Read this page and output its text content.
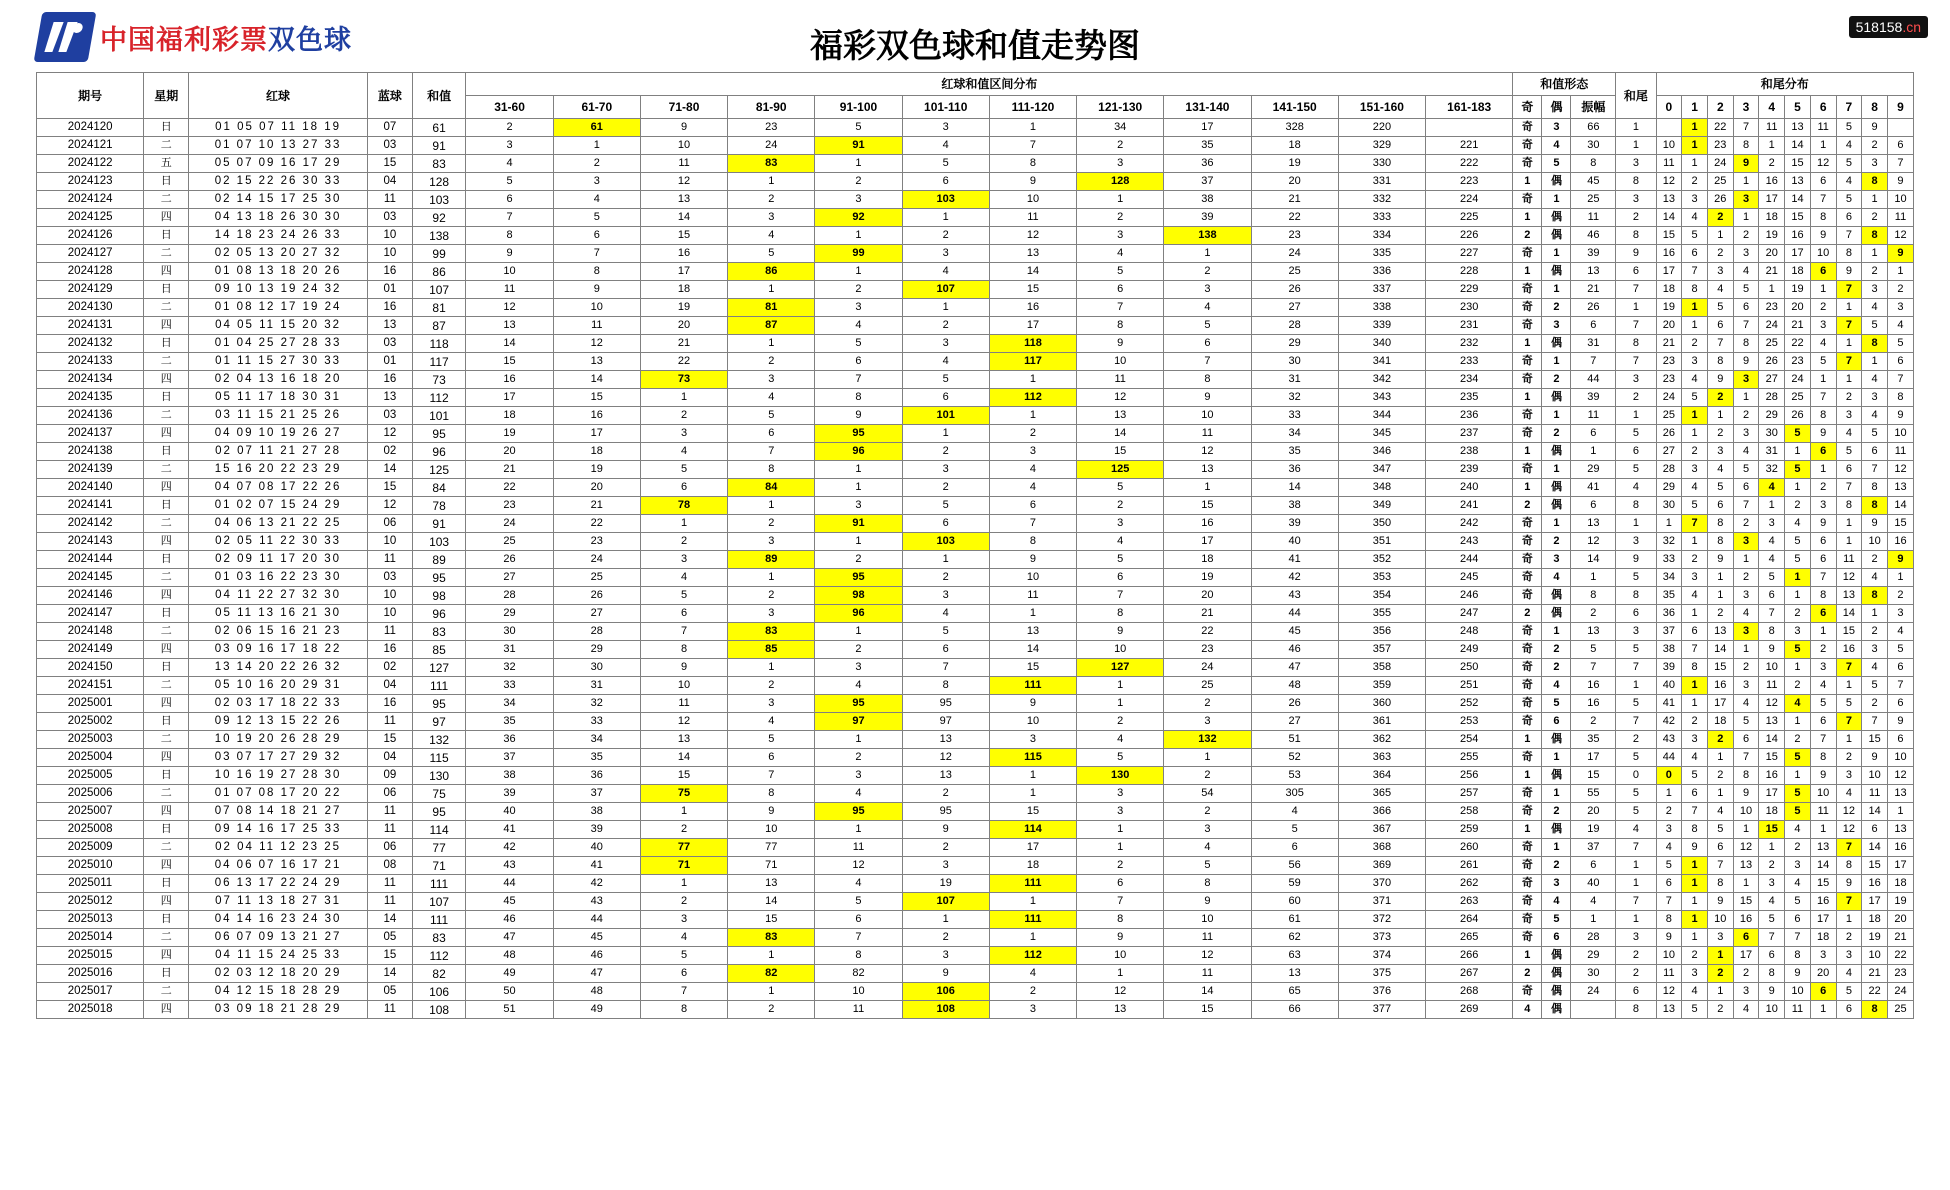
中国福利彩票双色球	福彩双色球和值走势图	518158.cn
期号	星期	红球	蓝球	和值	红球和值区间分布												和值形态			和尾	和尾分布									
					31-60	61-70	71-80	81-90	91-100	101-110	111-120	121-130	131-140	141-150	151-160	161-183	奇	偶	振幅		0	1	2	3	4	5	6	7	8	9
2024120	日	01 05 07 11 18 19	07	61	2	61	9	23	5	3	1	34	17	328	220		奇	3	66	1		1	22	7	11	13	11	5	9	
2024121	二	01 07 10 13 27 33	03	91	3	1	10	24	91	4	7	2	35	18	329	221	奇	4	30	1	10	1	23	8	1	14	1	4	2	6
2024122	五	05 07 09 16 17 29	15	83	4	2	11	83	1	5	8	3	36	19	330	222	奇	5	8	3	11	1	24	9	2	15	12	5	3	7
2024123	日	02 15 22 26 30 33	04	128	5	3	12	1	2	6	9	128	37	20	331	223	1	偶	45	8	12	2	25	1	16	13	6	4	8	9
2024124	二	02 14 15 17 25 30	11	103	6	4	13	2	3	103	10	1	38	21	332	224	奇	1	25	3	13	3	26	3	17	14	7	5	1	10
2024125	四	04 13 18 26 30 30	03	92	7	5	14	3	92	1	11	2	39	22	333	225	1	偶	11	2	14	4	2	1	18	15	8	6	2	11
2024126	日	14 18 23 24 26 33	10	138	8	6	15	4	1	2	12	3	138	23	334	226	2	偶	46	8	15	5	1	2	19	16	9	7	8	12
2024127	二	02 05 13 20 27 32	10	99	9	7	16	5	99	3	13	4	1	24	335	227	奇	1	39	9	16	6	2	3	20	17	10	8	1	9
2024128	四	01 08 13 18 20 26	16	86	10	8	17	86	1	4	14	5	2	25	336	228	1	偶	13	6	17	7	3	4	21	18	6	9	2	1
2024129	日	09 10 13 19 24 32	01	107	11	9	18	1	2	107	15	6	3	26	337	229	奇	1	21	7	18	8	4	5	1	19	1	7	3	2
2024130	二	01 08 12 17 19 24	16	81	12	10	19	81	3	1	16	7	4	27	338	230	奇	2	26	1	19	1	5	6	23	20	2	1	4	3
2024131	四	04 05 11 15 20 32	13	87	13	11	20	87	4	2	17	8	5	28	339	231	奇	3	6	7	20	1	6	7	24	21	3	7	5	4
2024132	日	01 04 25 27 28 33	03	118	14	12	21	1	5	3	118	9	6	29	340	232	1	偶	31	8	21	2	7	8	25	22	4	1	8	5
2024133	二	01 11 15 27 30 33	01	117	15	13	22	2	6	4	117	10	7	30	341	233	奇	1	7	7	23	3	8	9	26	23	5	7	1	6
2024134	四	02 04 13 16 18 20	16	73	16	14	73	3	7	5	1	11	8	31	342	234	奇	2	44	3	23	4	9	3	27	24	1	1	4	7
2024135	日	05 11 17 18 30 31	13	112	17	15	1	4	8	6	112	12	9	32	343	235	1	偶	39	2	24	5	2	1	28	25	7	2	3	8
2024136	二	03 11 15 21 25 26	03	101	18	16	2	5	9	101	1	13	10	33	344	236	奇	1	11	1	25	1	1	2	29	26	8	3	4	9
2024137	四	04 09 10 19 26 27	12	95	19	17	3	6	95	1	2	14	11	34	345	237	奇	2	6	5	26	1	2	3	30	5	9	4	5	10
2024138	日	02 07 11 21 27 28	02	96	20	18	4	7	96	2	3	15	12	35	346	238	1	偶	1	6	27	2	3	4	31	1	6	5	6	11
2024139	二	15 16 20 22 23 29	14	125	21	19	5	8	1	3	4	125	13	36	347	239	奇	1	29	5	28	3	4	5	32	5	1	6	7	12
2024140	四	04 07 08 17 22 26	15	84	22	20	6	84	1	2	4	5	1	14	348	240	1	偶	41	4	29	4	5	6	4	1	2	7	8	13
2024141	日	01 02 07 15 24 29	12	78	23	21	78	1	3	5	6	2	15	38	349	241	2	偶	6	8	30	5	6	7	1	2	3	8	8	14
2024142	二	04 06 13 21 22 25	06	91	24	22	1	2	91	6	7	3	16	39	350	242	奇	1	13	1	1	7	8	2	3	4	9	1	9	15
2024143	四	02 05 11 22 30 33	10	103	25	23	2	3	1	103	8	4	17	40	351	243	奇	2	12	3	32	1	8	3	4	5	6	1	10	16
2024144	日	02 09 11 17 20 30	11	89	26	24	3	89	2	1	9	5	18	41	352	244	奇	3	14	9	33	2	9	1	4	5	6	11	2	9
2024145	二	01 03 16 22 23 30	03	95	27	25	4	1	95	2	10	6	19	42	353	245	奇	4	1	5	34	3	1	2	5	1	7	12	4	1
2024146	四	04 11 22 27 32 30	10	98	28	26	5	2	98	3	11	7	20	43	354	246	奇	偶	8	8	35	4	1	3	6	1	8	13	8	2
2024147	日	05 11 13 16 21 30	10	96	29	27	6	3	96	4	1	8	21	44	355	247	2	偶	2	6	36	1	2	4	7	2	6	14	1	3
2024148	二	02 06 15 16 21 23	11	83	30	28	7	83	1	5	13	9	22	45	356	248	奇	1	13	3	37	6	13	3	8	3	1	15	2	4
2024149	四	03 09 16 17 18 22	16	85	31	29	8	85	2	6	14	10	23	46	357	249	奇	2	5	5	38	7	14	1	9	5	2	16	3	5
2024150	日	13 14 20 22 26 32	02	127	32	30	9	1	3	7	15	127	24	47	358	250	奇	2	7	7	39	8	15	2	10	1	3	7	4	6
2024151	二	05 10 16 20 29 31	04	111	33	31	10	2	4	8	111	1	25	48	359	251	奇	4	16	1	40	1	16	3	11	2	4	1	5	7
2025001	四	02 03 17 18 22 33	16	95	34	32	11	3	95	95	9	1	2	26	360	252	奇	5	16	5	41	1	17	4	12	4	5	5	2	6
2025002	日	09 12 13 15 22 26	11	97	35	33	12	4	97	97	10	2	3	27	361	253	奇	6	2	7	42	2	18	5	13	1	6	7	7	9
2025003	二	10 19 20 26 28 29	15	132	36	34	13	5	1	13	3	4	132	51	362	254	1	偶	35	2	43	3	2	6	14	2	7	1	15	6
2025004	四	03 07 17 27 29 32	04	115	37	35	14	6	2	12	115	5	1	52	363	255	奇	1	17	5	44	4	1	7	15	5	8	2	9	10
2025005	日	10 16 19 27 28 30	09	130	38	36	15	7	3	13	1	130	2	53	364	256	1	偶	15	0	0	5	2	8	16	1	9	3	10	12
2025006	二	01 07 08 17 20 22	06	75	39	37	75	8	4	2	1	3	54	305	365	257	奇	1	55	5	1	6	1	9	17	5	10	4	11	13
2025007	四	07 08 14 18 21 27	11	95	40	38	1	9	95	95	15	3	2	4	366	258	奇	2	20	5	2	7	4	10	18	5	11	12	14	1
2025008	日	09 14 16 17 25 33	11	114	41	39	2	10	1	9	114	1	3	5	367	259	1	偶	19	4	3	8	5	1	15	4	1	12	6	13
2025009	二	02 04 11 12 23 25	06	77	42	40	77	77	11	2	17	1	4	6	368	260	奇	1	37	7	4	9	6	12	1	2	13	7	14	16
2025010	四	04 06 07 16 17 21	08	71	43	41	71	71	12	3	18	2	5	56	369	261	奇	2	6	1	5	1	7	13	2	3	14	8	15	17
2025011	日	06 13 17 22 24 29	11	111	44	42	1	13	4	19	111	6	8	59	370	262	奇	3	40	1	6	1	8	1	3	4	15	9	16	18
2025012	四	07 11 13 18 27 31	11	107	45	43	2	14	5	107	1	7	9	60	371	263	奇	4	4	7	7	1	9	15	4	5	16	7	17	19
2025013	日	04 14 16 23 24 30	14	111	46	44	3	15	6	1	111	8	10	61	372	264	奇	5	1	1	8	1	10	16	5	6	17	1	18	20
2025014	二	06 07 09 13 21 27	05	83	47	45	4	83	7	2	1	9	11	62	373	265	奇	6	28	3	9	1	3	6	7	7	18	2	19	21
2025015	四	04 11 15 24 25 33	15	112	48	46	5	1	8	3	112	10	12	63	374	266	1	偶	29	2	10	2	1	17	6	8	3	3	10	22
2025016	日	02 03 12 18 20 29	14	82	49	47	6	82	82	9	4	1	11	13	375	267	2	偶	30	2	11	3	2	2	8	9	20	4	21	23
2025017	二	04 12 15 18 28 29	05	106	50	48	7	1	10	106	2	12	14	65	376	268	奇	偶	24	6	12	4	1	3	9	10	6	5	22	24
2025018	四	03 09 18 21 28 29	11	108	51	49	8	2	11	108	3	13	15	66	377	269	4	偶		8	13	5	2	4	10	11	1	6	8	25
